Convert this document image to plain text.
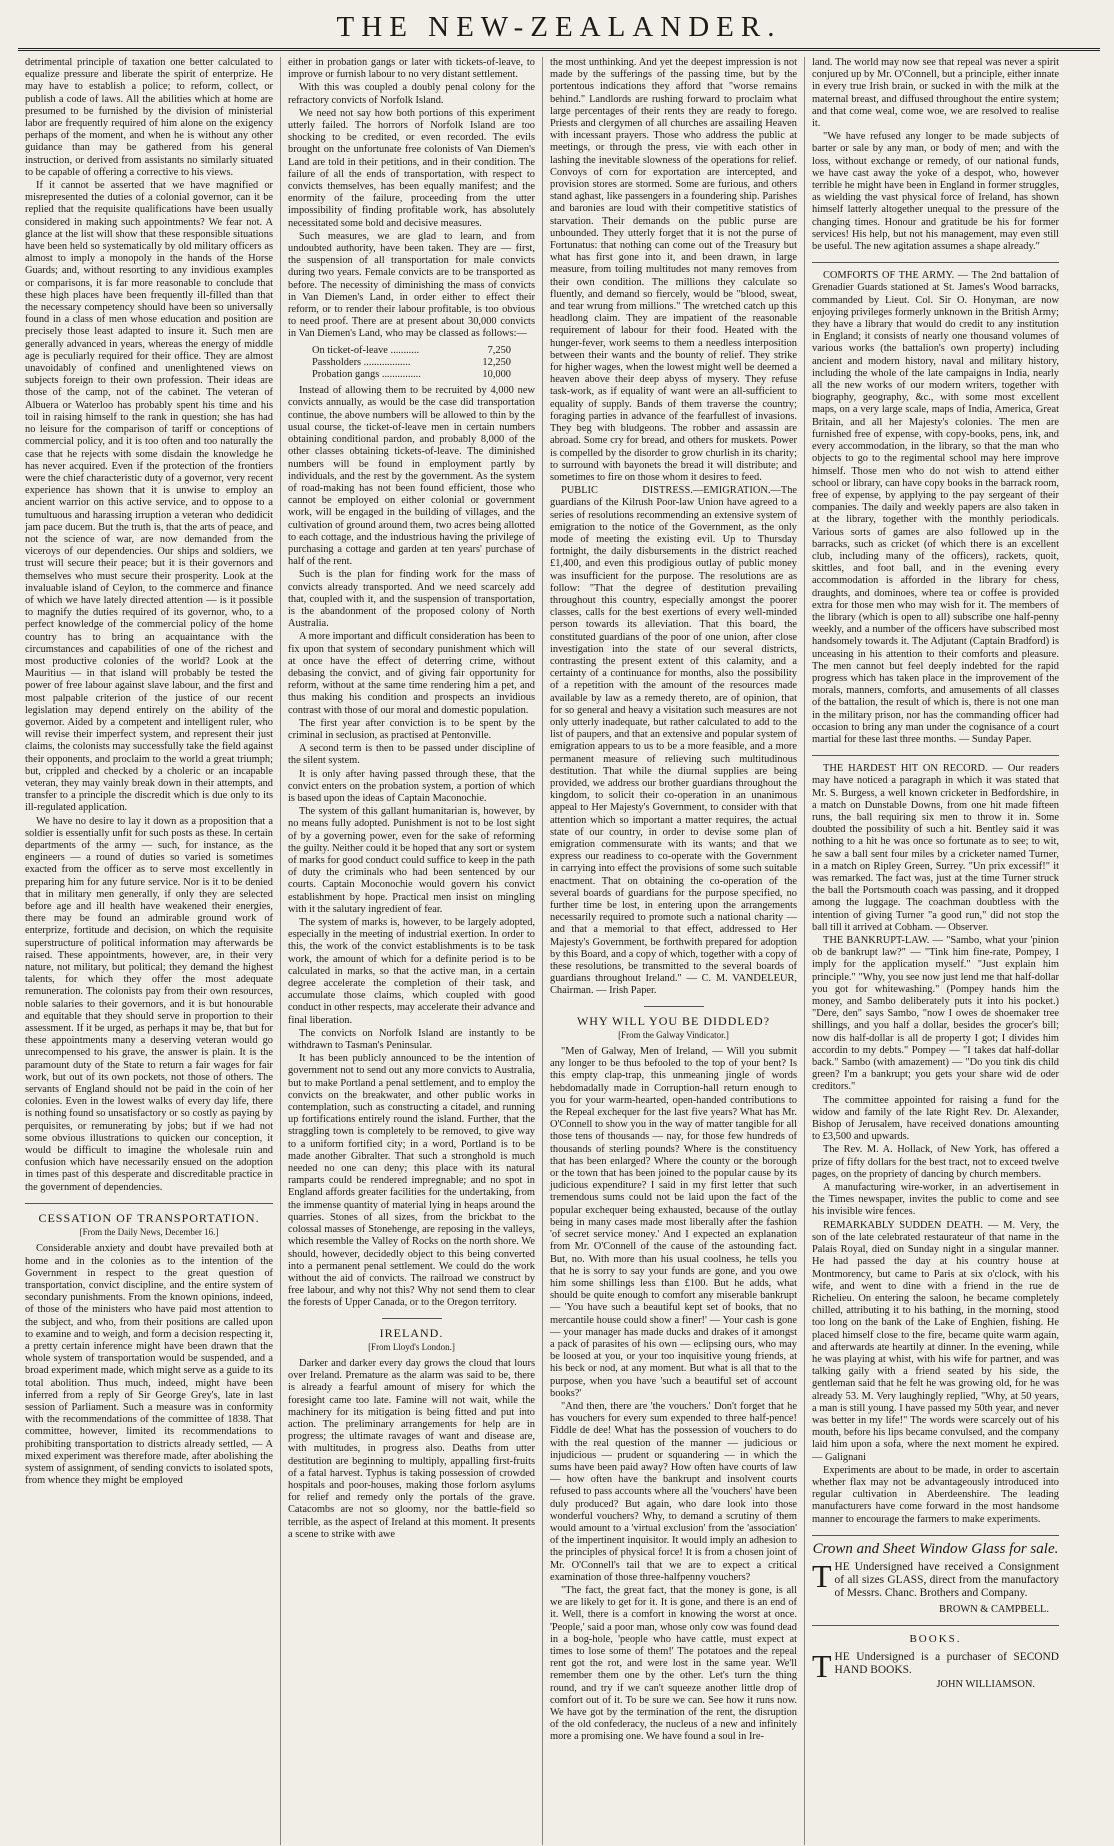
THE NEW-ZEALANDER.

detrimental principle of taxation one better calculated to equalize pressure and liberate the spirit of enterprize. He may have to establish a police; to reform, collect, or publish a code of laws. All the abilities which at home are presumed to be furnished by the division of ministerial labor are frequently required of him alone on the exigency perhaps of the moment, and when he is without any other guidance than may be gathered from his general instruction, or derived from assistants no similarly situated to be capable of offering a corrective to his views.

If it cannot be asserted that we have magnified or misrepresented the duties of a colonial governor, can it be replied that the requisite qualifications have been usually considered in making such appointments? We fear not. A glance at the list will show that these responsible situations have been held so systematically by old military officers as almost to imply a monopoly in the hands of the Horse Guards; and, without resorting to any invidious examples or comparisons, it is far more reasonable to conclude that these high places have been frequently ill-filled than that the necessary competency should have been so universally found in a class of men whose education and position are precisely those least adapted to insure it. Such men are generally advanced in years, whereas the energy of middle age is peculiarly required for their office. They are almost unavoidably of confined and unenlightened views on subjects foreign to their own profession. Their ideas are those of the camp, not of the cabinet. The veteran of Albuera or Waterloo has probably spent his time and his toil in raising himself to the rank in question; she has had no leisure for the comparison of tariff or conceptions of commercial policy, and it is too often and too naturally the case that he rejects with some disdain the knowledge he has never acquired. Even if the protection of the frontiers were the chief characteristic duty of a governor, very recent experience has shown that it is unwise to employ an ancient warrior on this active service, and to oppose to a tumultuous and harassing irruption a veteran who dedidicit jam pace ducem. But the truth is, that the arts of peace, and not the science of war, are now demanded from the viceroys of our dependencies. Our ships and soldiers, we trust will secure their peace; but it is their governors and themselves who must secure their prosperity. Look at the invaluable island of Ceylon, to the commerce and finance of which we have lately directed attention — is it possible to magnify the duties required of its governor, who, to a perfect knowledge of the commercial policy of the home country has to bring an acquaintance with the circumstances and capabilities of one of the richest and most productive colonies of the world? Look at the Mauritius — in that island will probably be tested the power of free labour against slave labour, and the first and most palpable criterion of the justice of our recent legislation may depend entirely on the ability of the governor. Aided by a competent and intelligent ruler, who will revise their imperfect system, and represent their just claims, the colonists may successfully take the field against their opponents, and proclaim to the world a great triumph; but, crippled and checked by a choleric or an incapable veteran, they may vainly break down in their attempts, and transfer to a principle the discredit which is due only to its ill-regulated application.

We have no desire to lay it down as a proposition that a soldier is essentially unfit for such posts as these. In certain departments of the army — such, for instance, as the engineers — a round of duties so varied is sometimes exacted from the officer as to serve most excellently in preparing him for any future service. Nor is it to be denied that in military men generally, if only they are selected before age and ill health have weakened their energies, there may be found an admirable ground work of enterprize, fortitude and decision, on which the requisite superstructure of political information may afterwards be raised. These appointments, however, are, in their very nature, not military, but political; they demand the highest talents, for which they offer the most adequate remuneration. The colonists pay from their own resources, noble salaries to their governors, and it is but honourable and equitable that they should serve in proportion to their assessment. If it be urged, as perhaps it may be, that but for these appointments many a deserving veteran would go unrecompensed to his grave, the answer is plain. It is the paramount duty of the State to return a fair wages for fair work, but out of its own pockets, not those of others. The servants of England should not be paid in the coin of her colonies. Even in the lowest walks of every day life, there is nothing found so unsatisfactory or so costly as paying by perquisites, or remunerating by jobs; but if we had not some obvious illustrations to quicken our conception, it would be difficult to imagine the wholesale ruin and confusion which have necessarily ensued on the adoption in times past of this desperate and discreditable practice in the government of dependencies.

CESSATION OF TRANSPORTATION.
[From the Daily News, December 16.]

Considerable anxiety and doubt have prevailed both at home and in the colonies as to the intention of the Government in respect to the great question of transportation, convict discipline, and the entire system of secondary punishments. From the known opinions, indeed, of those of the ministers who have paid most attention to the subject, and who, from their positions are called upon to examine and to weigh, and form a decision respecting it, a pretty certain inference might have been drawn that the whole system of transportation would be suspended, and a broad experiment made, which might serve as a guide to its total abolition. Thus much, indeed, might have been inferred from a reply of Sir George Grey's, late in last session of Parliament. Such a measure was in conformity with the recommendations of the committee of 1838. That committee, however, limited its recommendations to prohibiting transportation to districts already settled, — A mixed experiment was therefore made, after abolishing the system of assignment, of sending convicts to isolated spots, from whence they might be employed

either in probation gangs or later with tickets-of-leave, to improve or furnish labour to no very distant settlement.

With this was coupled a doubly penal colony for the refractory convicts of Norfolk Island.

We need not say how both portions of this experiment utterly failed. The horrors of Norfolk Island are too shocking to be credited, or even recorded. The evils brought on the unfortunate free colonists of Van Diemen's Land are told in their petitions, and in their condition. The failure of all the ends of transportation, with respect to convicts themselves, has been equally manifest; and the enormity of the failure, proceeding from the utter impossibility of finding profitable work, has absolutely necessitated some bold and decisive measures.

Such measures, we are glad to learn, and from undoubted authority, have been taken. They are — first, the suspension of all transportation for male convicts during two years. Female convicts are to be transported as before. The necessity of diminishing the mass of convicts in Van Diemen's Land, in order either to effect their reform, or to render their labour profitable, is too obvious to need proof. There are at present about 30,000 convicts in Van Diemen's Land, who may be classed as follows:—

On ticket-of-leave ...........	7,250
Passholders ..................	12,250
Probation gangs ...............	10,000

Instead of allowing them to be recruited by 4,000 new convicts annually, as would be the case did transportation continue, the above numbers will be allowed to thin by the usual course, the ticket-of-leave men in certain numbers obtaining conditional pardon, and probably 8,000 of the other classes obtaining tickets-of-leave. The diminished numbers will be found in employment partly by individuals, and the rest by the government. As the system of road-making has not been found efficient, those who cannot be employed on either colonial or government work, will be engaged in the building of villages, and the cultivation of ground around them, two acres being allotted to each cottage, and the industrious having the privilege of purchasing a cottage and garden at ten years' purchase of half of the rent.

Such is the plan for finding work for the mass of convicts already transported. And we need scarcely add that, coupled with it, and the suspension of transportation, is the abandonment of the proposed colony of North Australia.

A more important and difficult consideration has been to fix upon that system of secondary punishment which will at once have the effect of deterring crime, without debasing the convict, and of giving fair opportunity for reform, without at the same time rendering him a pet, and thus making his condition and prospects an invidious contrast with those of our moral and domestic population.

The first year after conviction is to be spent by the criminal in seclusion, as practised at Pentonville.

A second term is then to be passed under discipline of the silent system.

It is only after having passed through these, that the convict enters on the probation system, a portion of which is based upon the ideas of Captain Maconochie.

The system of this gallant humanitarian is, however, by no means fully adopted. Punishment is not to be lost sight of by a governing power, even for the sake of reforming the guilty. Neither could it be hoped that any sort or system of marks for good conduct could suffice to keep in the path of duty the criminals who had been sentenced by our courts. Captain Moconochie would govern his convict establishment by hope. Practical men insist on mingling with it the salutary ingredient of fear.

The system of marks is, however, to be largely adopted, especially in the meeting of industrial exertion. In order to this, the work of the convict establishments is to be task work, the amount of which for a definite period is to be calculated in marks, so that the active man, in a certain degree accelerate the completion of their task, and accumulate those claims, which coupled with good conduct in other respects, may accelerate their advance and final liberation.

The convicts on Norfolk Island are instantly to be withdrawn to Tasman's Peninsular.

It has been publicly announced to be the intention of government not to send out any more convicts to Australia, but to make Portland a penal settlement, and to employ the convicts on the breakwater, and other public works in contemplation, such as constructing a citadel, and running up fortifications entirely round the island. Further, that the straggling town is completely to be removed, to give way to a uniform fortified city; in a word, Portland is to be made another Gibralter. That such a stronghold is much needed no one can deny; this place with its natural ramparts could be rendered impregnable; and no spot in England affords greater facilities for the undertaking, from the immense quantity of material lying in heaps around the quarries. Stones of all sizes, from the brickbat to the colossal masses of Stonehenge, are reposing in the valleys, which resemble the Valley of Rocks on the north shore. We should, however, decidedly object to this being converted into a permanent penal settlement. We could do the work without the aid of convicts. The railroad we construct by free labour, and why not this? Why not send them to clear the forests of Upper Canada, or to the Oregon territory.

IRELAND.
[From Lloyd's London.]

Darker and darker every day grows the cloud that lours over Ireland. Premature as the alarm was said to be, there is already a fearful amount of misery for which the foresight came too late. Famine will not wait, while the machinery for its mitigation is being fitted and put into action. The preliminary arrangements for help are in progress; the ultimate ravages of want and disease are, with multitudes, in progress also. Deaths from utter destitution are beginning to multiply, appalling first-fruits of a fatal harvest. Typhus is taking possession of crowded hospitals and poor-houses, making those forlorn asylums for relief and remedy only the portals of the grave. Catacombs are not so gloomy, nor the battle-field so terrible, as the aspect of Ireland at this moment. It presents a scene to strike with awe

the most unthinking. And yet the deepest impression is not made by the sufferings of the passing time, but by the portentous indications they afford that "worse remains behind." Landlords are rushing forward to proclaim what large percentages of their rents they are ready to forego. Priests and clergymen of all churches are assailing Heaven with incessant prayers. Those who address the public at meetings, or through the press, vie with each other in lashing the inevitable slowness of the operations for relief. Convoys of corn for exportation are intercepted, and provision stores are stormed. Some are furious, and others stand aghast, like passengers in a foundering ship. Parishes and baronies are loud with their competitive statistics of starvation. Their demands on the public purse are unbounded. They utterly forget that it is not the purse of Fortunatus: that nothing can come out of the Treasury but what has first gone into it, and been drawn, in large measure, from toiling multitudes not many removes from their own condition. The millions they calculate so fluently, and demand so fiercely, would be "blood, sweat, and tear wrung from millions." The wretched catch up this headlong claim. They are impatient of the reasonable requirement of labour for their food. Heated with the hunger-fever, work seems to them a needless interposition between their wants and the bounty of relief. They strike for higher wages, when the lowest might well be deemed a heaven above their deep abyss of mysery. They refuse task-work, as if equality of want were an all-sufficient to equality of supply. Bands of them traverse the country; foraging parties in advance of the fearfullest of invasions. They beg with bludgeons. The robber and assassin are abroad. Some cry for bread, and others for muskets. Power is compelled by the disorder to grow churlish in its charity; to surround with bayonets the bread it will distribute; and sometimes to fire on those whom it desires to feed.

PUBLIC DISTRESS.—EMIGRATION.—The guardians of the Kilrush Poor-law Union have agreed to a series of resolutions recommending an extensive system of emigration to the notice of the Government, as the only mode of meeting the existing evil. Up to Thursday fortnight, the daily disbursements in the district reached £1,400, and even this prodigious outlay of public money was insufficient for the purpose. The resolutions are as follow: "That the degree of destitution prevailing throughout this country, especially amongst the poorer classes, calls for the best exertions of every well-minded person towards its alleviation. That this board, the constituted guardians of the poor of one union, after close investigation into the state of our several districts, contrasting the present extent of this calamity, and a certainty of a continuance for months, also the possibility of a repetition with the amount of the resources made available by law as a remedy thereto, are of opinion, that for so general and heavy a visitation such measures are not only utterly inadequate, but rather calculated to add to the list of paupers, and that an extensive and popular system of emigration appears to us to be a more feasible, and a more permanent measure of relieving such multitudinous destitution. That while the diurnal supplies are being provided, we address our brother guardians throughout the kingdom, to solicit their co-operation in an unanimous appeal to Her Majesty's Government, to consider with that attention which so important a matter requires, the actual state of our country, in order to devise some plan of emigration commensurate with its wants; and that we express our readiness to co-operate with the Government in carrying into effect the provisions of some such suitable enactment. That on obtaining the co-operation of the several boards of guardians for the purpose specified, no further time be lost, in entering upon the arrangements necessarily required to promote such a national charity — and that a memorial to that effect, addressed to Her Majesty's Government, be forthwith prepared for adoption by this Board, and a copy of which, together with a copy of these resolutions, be transmitted to the several boards of guardians throughout Ireland." — C. M. VANDELEUR, Chairman. — Irish Paper.

WHY WILL YOU BE DIDDLED?
[From the Galway Vindicator.]

"Men of Galway, Men of Ireland, — Will you submit any longer to be thus befooled to the top of your bent? Is this empty clap-trap, this unmeaning jingle of words hebdomadally made in Corruption-hall return enough to you for your warm-hearted, open-handed contributions to the Repeal exchequer for the last five years? What has Mr. O'Connell to show you in the way of matter tangible for all those tens of thousands — nay, for those few hundreds of thousands of sterling pounds? Where is the constituency that has been enlarged? Where the county or the borough or the town that has been joined to the popular cause by its judicious expenditure? I said in my first letter that such tremendous sums could not be laid upon the fact of the popular exchequer being exhausted, because of the outlay being in many cases made most liberally after the fashion 'of secret service money.' And I expected an explanation from Mr. O'Connell of the cause of the astounding fact. But, no. With more than his usual coolness, he tells you that he is sorry to say your funds are gone, and you owe him some shillings less than £100. But he adds, what should be quite enough to comfort any miserable bankrupt — 'You have such a beautiful kept set of books, that no mercantile house could show a finer!' — Your cash is gone — your manager has made ducks and drakes of it amongst a pack of parasites of his own — eclipsing ours, who may be loosed at you, or your too inquisitive young friends, at his beck or nod, at any moment. But what is all that to the purpose, when you have 'such a beautiful set of account books?'

"And then, there are 'the vouchers.' Don't forget that he has vouchers for every sum expended to three half-pence! Fiddle de dee! What has the possession of vouchers to do with the real question of the manner — judicious or injudicious — prudent or squandering — in which the sums have been paid away? How often have courts of law — how often have the bankrupt and insolvent courts refused to pass accounts where all the 'vouchers' have been duly produced? But again, who dare look into those wonderful vouchers? Why, to demand a scrutiny of them would amount to a 'virtual exclusion' from the 'association' of the impertinent inquisitor. It would imply an adhesion to the principles of physical force! It is from a chosen joint of Mr. O'Connell's tail that we are to expect a critical examination of those three-halfpenny vouchers?

"The fact, the great fact, that the money is gone, is all we are likely to get for it. It is gone, and there is an end of it. Well, there is a comfort in knowing the worst at once. 'People,' said a poor man, whose only cow was found dead in a bog-hole, 'people who have cattle, must expect at times to lose some of them!' The potatoes and the repeal rent got the rot, and were lost in the same year. We'll remember them one by the other. Let's turn the thing round, and try if we can't squeeze another little drop of comfort out of it. To be sure we can. See how it runs now. We have got by the termination of the rent, the disruption of the old confederacy, the nucleus of a new and infinitely more a promising one. We have found a soul in Ire-

land. The world may now see that repeal was never a spirit conjured up by Mr. O'Connell, but a principle, either innate in every true Irish brain, or sucked in with the milk at the maternal breast, and diffused throughout the entire system; and that come weal, come woe, we are resolved to realise it.

"We have refused any longer to be made subjects of barter or sale by any man, or body of men; and with the loss, without exchange or remedy, of our national funds, we have cast away the yoke of a despot, who, however terrible he might have been in England in former struggles, as wielding the vast physical force of Ireland, has shown himself latterly altogether unequal to the pressure of the changing times. Honour and gratitude be his for former services! His help, but not his management, may even still be useful. The new agitation assumes a shape already."

COMFORTS OF THE ARMY. — The 2nd battalion of Grenadier Guards stationed at St. James's Wood barracks, commanded by Lieut. Col. Sir O. Honyman, are now enjoying privileges formerly unknown in the British Army; they have a library that would do credit to any institution in England; it consists of nearly one thousand volumes of various works (the battalion's own property) including ancient and modern history, naval and military history, including the whole of the late campaigns in India, nearly all the new works of our modern writers, together with biography, geography, &c., with some most excellent maps, on a very large scale, maps of India, America, Great Britain, and all her Majesty's colonies. The men are furnished free of expense, with copy-books, pens, ink, and every accommodation, in the library, so that the man who objects to go to the regimental school may here improve himself. Those men who do not wish to attend either school or library, can have copy books in the barrack room, free of expense, by applying to the pay sergeant of their companies. The daily and weekly papers are also taken in at the library, together with the monthly periodicals. Various sorts of games are also followed up in the barracks, such as cricket (of which there is an excellent club, including many of the officers), rackets, quoit, skittles, and foot ball, and in the evening every accommodation is afforded in the library for chess, draughts, and dominoes, where tea or coffee is provided extra for those men who may wish for it. The members of the library (which is open to all) subscribe one half-penny weekly, and a number of the officers have subscribed most handsomely towards it. The Adjutant (Captain Bradford) is unceasing in his attention to their comforts and pleasure. The men cannot but feel deeply indebted for the rapid progress which has taken place in the improvement of the morals, manners, comforts, and amusements of all classes of the battalion, the result of which is, there is not one man in the military prison, nor has the commanding officer had occasion to bring any man under the cognisance of a court martial for these last three months. — Sunday Paper.

THE HARDEST HIT ON RECORD. — Our readers may have noticed a paragraph in which it was stated that Mr. S. Burgess, a well known cricketer in Bedfordshire, in a match on Dunstable Downs, from one hit made fifteen runs, the ball requiring six men to throw it in. Some doubted the possibility of such a hit. Bentley said it was nothing to a hit he was once so fortunate as to see; to wit, he saw a ball sent four miles by a cricketer named Turner, in a match on Ripley Green, Surrey. "Un prix excessif!" it was remarked. The fact was, just at the time Turner struck the ball the Portsmouth coach was passing, and it dropped among the luggage. The coachman doubtless with the intention of giving Turner "a good run," did not stop the ball till it arrived at Cobham. — Observer.

THE BANKRUPT-LAW. — "Sambo, what your 'pinion ob de bankrupt law?" — "Tink him fine-rate, Pompey, I imply for the application myself." "Just explain him principle." "Why, you see now just lend me that half-dollar you got for whitewashing." (Pompey hands him the money, and Sambo deliberately puts it into his pocket.) "Dere, den" says Sambo, "now I owes de shoemaker tree shillings, and you half a dollar, besides the grocer's bill; now dis half-dollar is all de property I got; I divides him accordin to my debts." Pompey — "I takes dat half-dollar back." Sambo (with amazement) — "Do you tink dis child green? I'm a bankrupt; you gets your share wid de oder creditors."

The committee appointed for raising a fund for the widow and family of the late Right Rev. Dr. Alexander, Bishop of Jerusalem, have received donations amounting to £3,500 and upwards.

The Rev. M. A. Hollack, of New York, has offered a prize of fifty dollars for the best tract, not to exceed twelve pages, on the propriety of dancing by church members.

A manufacturing wire-worker, in an advertisement in the Times newspaper, invites the public to come and see his invisible wire fences.

REMARKABLY SUDDEN DEATH. — M. Very, the son of the late celebrated restaurateur of that name in the Palais Royal, died on Sunday night in a singular manner. He had passed the day at his country house at Montmorency, but came to Paris at six o'clock, with his wife, and went to dine with a friend in the rue de Richelieu. On entering the saloon, he became completely chilled, attributing it to his bathing, in the morning, stood too long on the bank of the Lake of Enghien, fishing. He placed himself close to the fire, became quite warm again, and afterwards ate heartily at dinner. In the evening, while he was playing at whist, with his wife for partner, and was talking gaily with a friend seated by his side, the gentleman said that he felt he was growing old, for he was already 53. M. Very laughingly replied, "Why, at 50 years, a man is still young. I have passed my 50th year, and never was better in my life!" The words were scarcely out of his mouth, before his lips became convulsed, and the company laid him upon a sofa, where the next moment he expired. — Galignani

Experiments are about to be made, in order to ascertain whether flax may not be advantageously introduced into regular cultivation in Aberdeenshire. The leading manufacturers have come forward in the most handsome manner to encourage the farmers to make experiments.

Crown and Sheet Window Glass for sale.
THE Undersigned have received a Consignment of all sizes GLASS, direct from the manufactory of Messrs. Chanc. Brothers and Company.
BROWN & CAMPBELL.
BOOKS.
THE Undersigned is a purchaser of SECOND HAND BOOKS.
JOHN WILLIAMSON.
